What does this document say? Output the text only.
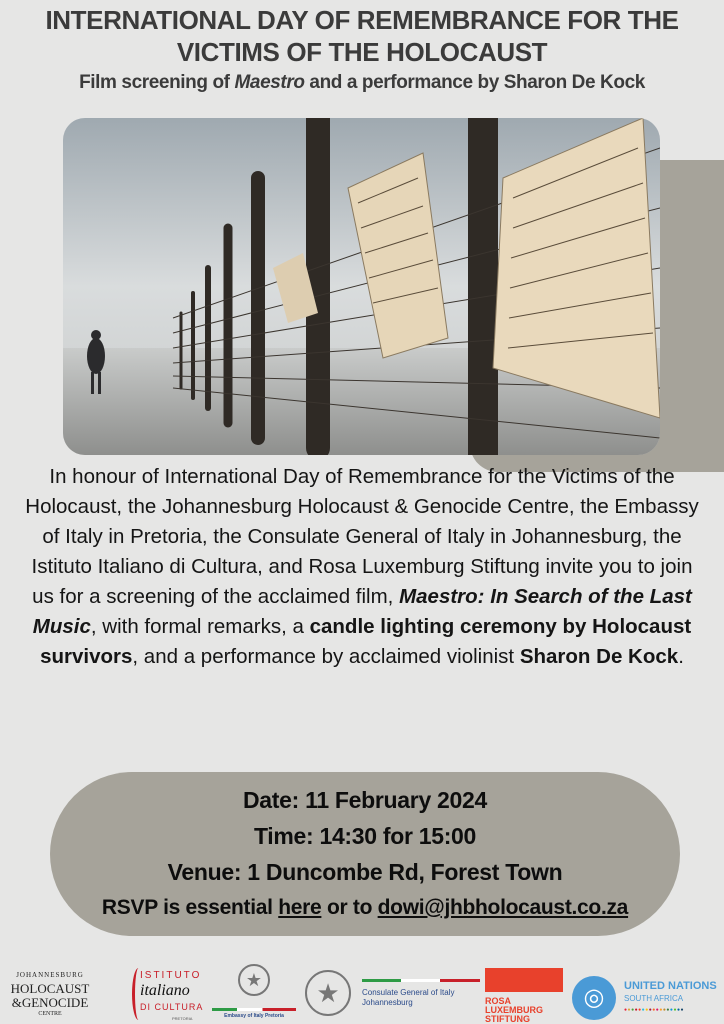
INTERNATIONAL DAY OF REMEMBRANCE FOR THE
VICTIMS OF THE HOLOCAUST
Film screening of Maestro and a performance by Sharon De Kock
In honour of International Day of Remembrance for the Victims of the Holocaust, the Johannesburg Holocaust & Genocide Centre, the Embassy of Italy in Pretoria, the Consulate General of Italy in Johannesburg, the Istituto Italiano di Cultura, and Rosa Luxemburg Stiftung invite you to join us for a screening of the acclaimed film, Maestro: In Search of the Last Music, with formal remarks, a candle lighting ceremony by Holocaust survivors, and a performance by acclaimed violinist Sharon De Kock.
Date: 11 February 2024
Time: 14:30 for 15:00
Venue: 1 Duncombe Rd, Forest Town
RSVP is essential here or to dowi@jhbholocaust.co.za
JOHANNESBURG
HOLOCAUST
&GENOCIDE
CENTRE
ISTITUTO
italiano
DI CULTURA
PRETORIA
★
Embassy of Italy Pretoria
★	Consulate General of Italy
Johannesburg	ROSA
LUXEMBURG
STIFTUNG
◎	UNITED NATIONS
SOUTH AFRICA
●●●●●●●●●●●●●●●●●
